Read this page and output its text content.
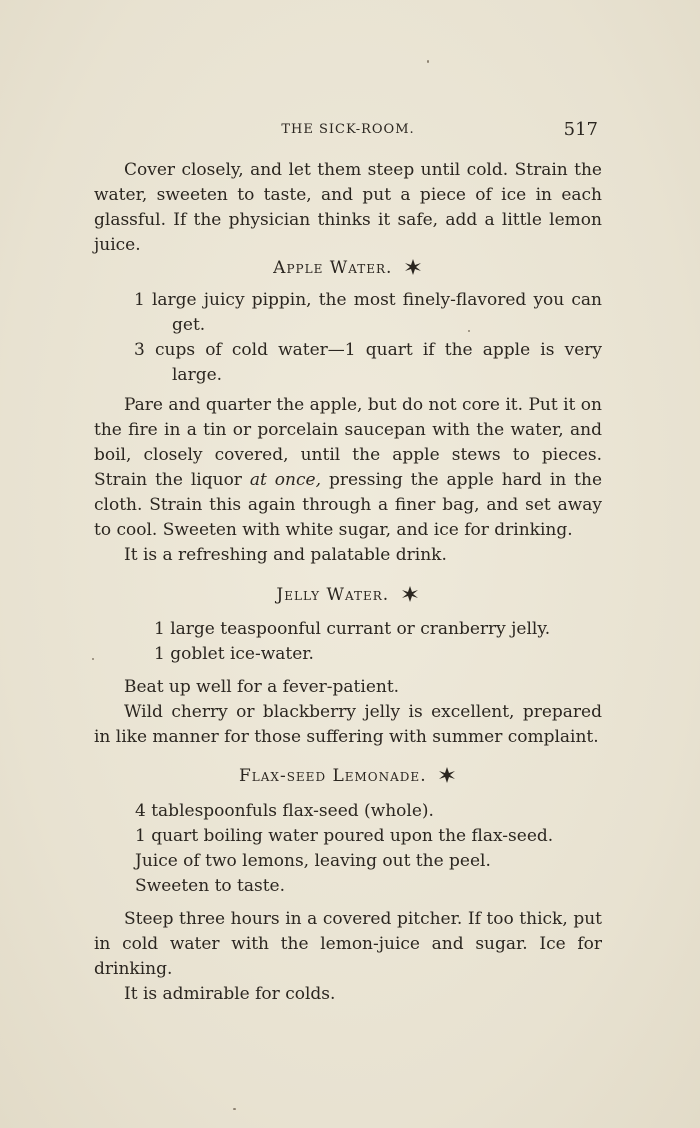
THE SICK-ROOM.	517

Cover closely, and let them steep until cold. Strain the water, sweeten to taste, and put a piece of ice in each glassful. If the physician thinks it safe, add a little lemon juice.

Apple Water.

1 large juicy pippin, the most finely-flavored you can get.

3 cups of cold water—1 quart if the apple is very large.

Pare and quarter the apple, but do not core it. Put it on the fire in a tin or porcelain saucepan with the water, and boil, closely covered, until the apple stews to pieces. Strain the liquor at once, pressing the apple hard in the cloth. Strain this again through a finer bag, and set away to cool. Sweeten with white sugar, and ice for drinking.

It is a refreshing and palatable drink.

Jelly Water.

1 large teaspoonful currant or cranberry jelly.

1 goblet ice-water.

Beat up well for a fever-patient.

Wild cherry or blackberry jelly is excellent, prepared in like manner for those suffering with summer complaint.

Flax-seed Lemonade.

4 tablespoonfuls flax-seed (whole).

1 quart boiling water poured upon the flax-seed.

Juice of two lemons, leaving out the peel.

Sweeten to taste.

Steep three hours in a covered pitcher. If too thick, put in cold water with the lemon-juice and sugar. Ice for drinking.

It is admirable for colds.
